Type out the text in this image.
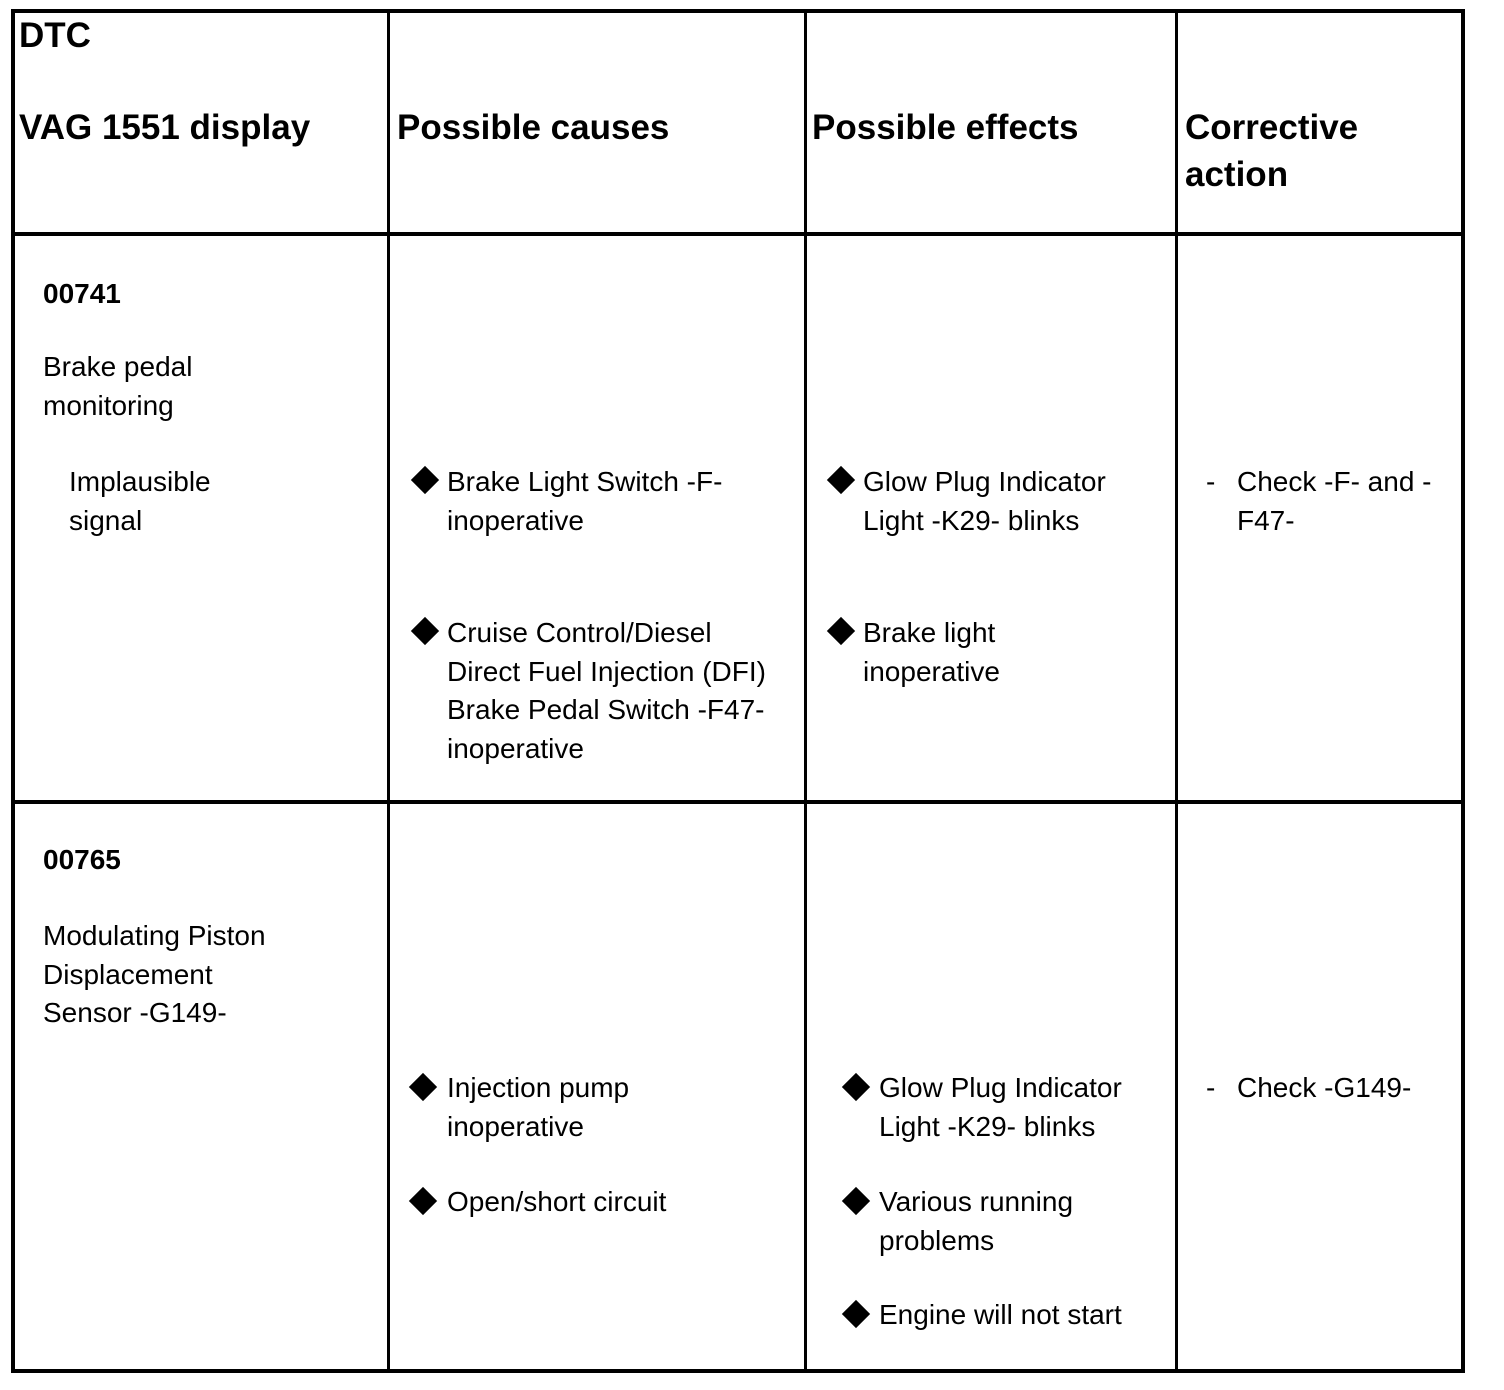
DTC
VAG 1551 display Possible causes	Possible effects	Corrective
action
00741
Brake pedal monitoring
Implausible signal
Brake Light Switch -F- inoperative
Cruise Control/Diesel Direct Fuel Injection (DFI) Brake Pedal Switch -F47- inoperative
Glow Plug Indicator Light -K29- blinks
Brake light inoperative
- Check -F- and -F47-
00765
Modulating Piston Displacement Sensor -G149-
Injection pump inoperative
Open/short circuit
Glow Plug Indicator Light -K29- blinks
Various running problems
Engine will not start
- Check -G149-
